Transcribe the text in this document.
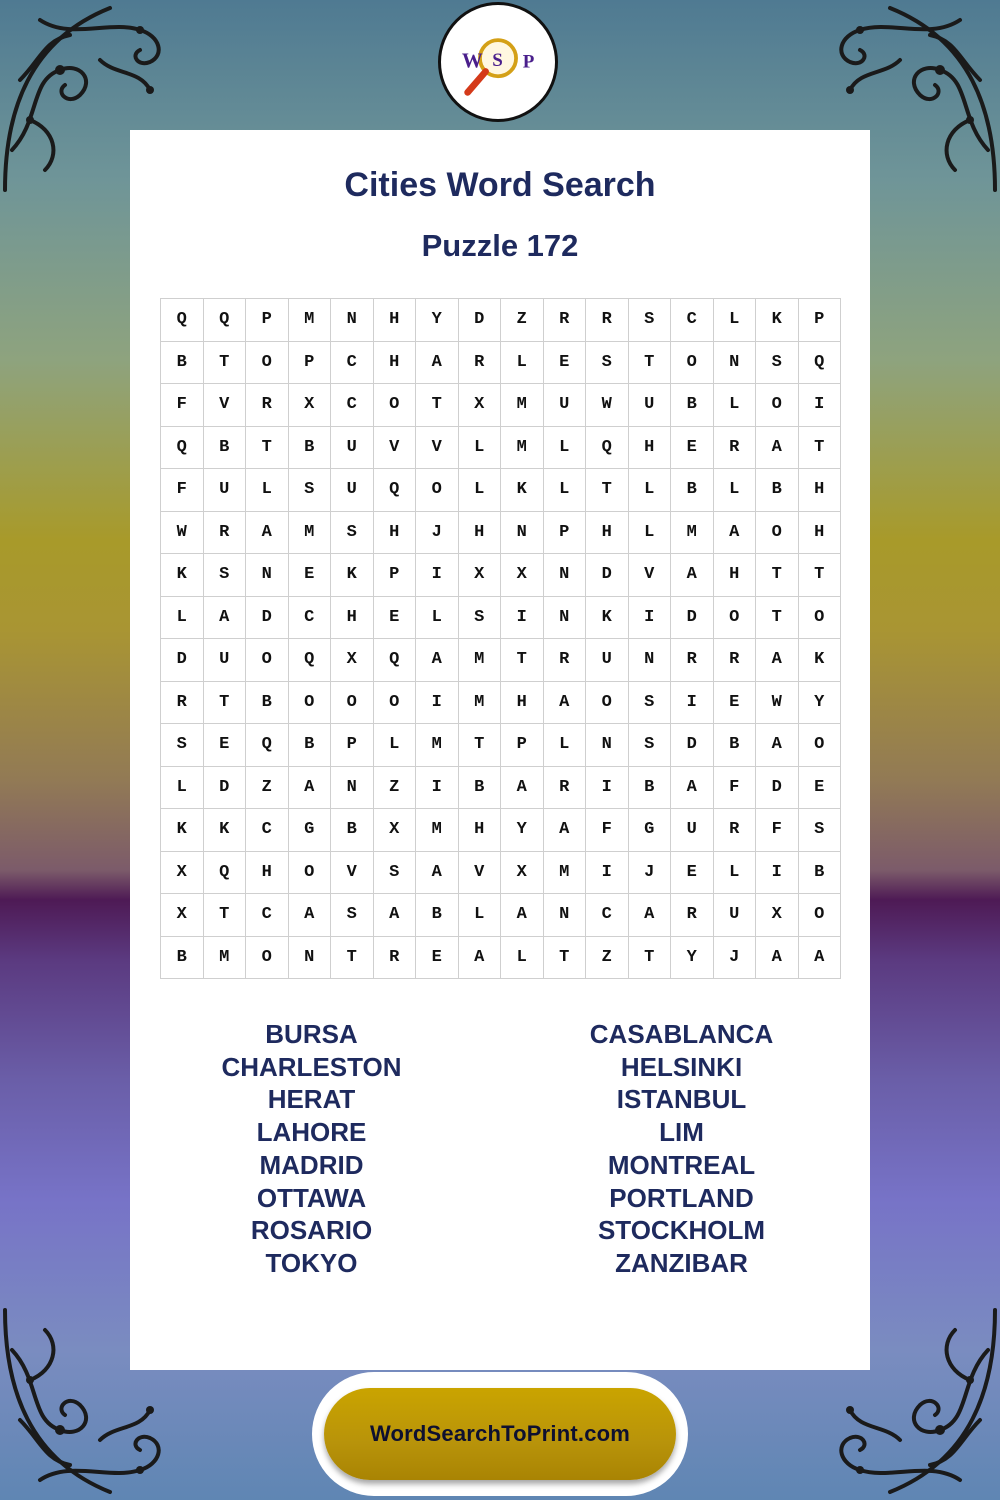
W S P
Cities Word Search
Puzzle 172
Q	Q	P	M	N	H	Y	D	Z	R	R	S	C	L	K	P
B	T	O	P	C	H	A	R	L	E	S	T	O	N	S	Q
F	V	R	X	C	O	T	X	M	U	W	U	B	L	O	I
Q	B	T	B	U	V	V	L	M	L	Q	H	E	R	A	T
F	U	L	S	U	Q	O	L	K	L	T	L	B	L	B	H
W	R	A	M	S	H	J	H	N	P	H	L	M	A	O	H
K	S	N	E	K	P	I	X	X	N	D	V	A	H	T	T
L	A	D	C	H	E	L	S	I	N	K	I	D	O	T	O
D	U	O	Q	X	Q	A	M	T	R	U	N	R	R	A	K
R	T	B	O	O	O	I	M	H	A	O	S	I	E	W	Y
S	E	Q	B	P	L	M	T	P	L	N	S	D	B	A	O
L	D	Z	A	N	Z	I	B	A	R	I	B	A	F	D	E
K	K	C	G	B	X	M	H	Y	A	F	G	U	R	F	S
X	Q	H	O	V	S	A	V	X	M	I	J	E	L	I	B
X	T	C	A	S	A	B	L	A	N	C	A	R	U	X	O
B	M	O	N	T	R	E	A	L	T	Z	T	Y	J	A	A
BURSA
CHARLESTON
HERAT
LAHORE
MADRID
OTTAWA
ROSARIO
TOKYO
CASABLANCA
HELSINKI
ISTANBUL
LIM
MONTREAL
PORTLAND
STOCKHOLM
ZANZIBAR
WordSearchToPrint.com
